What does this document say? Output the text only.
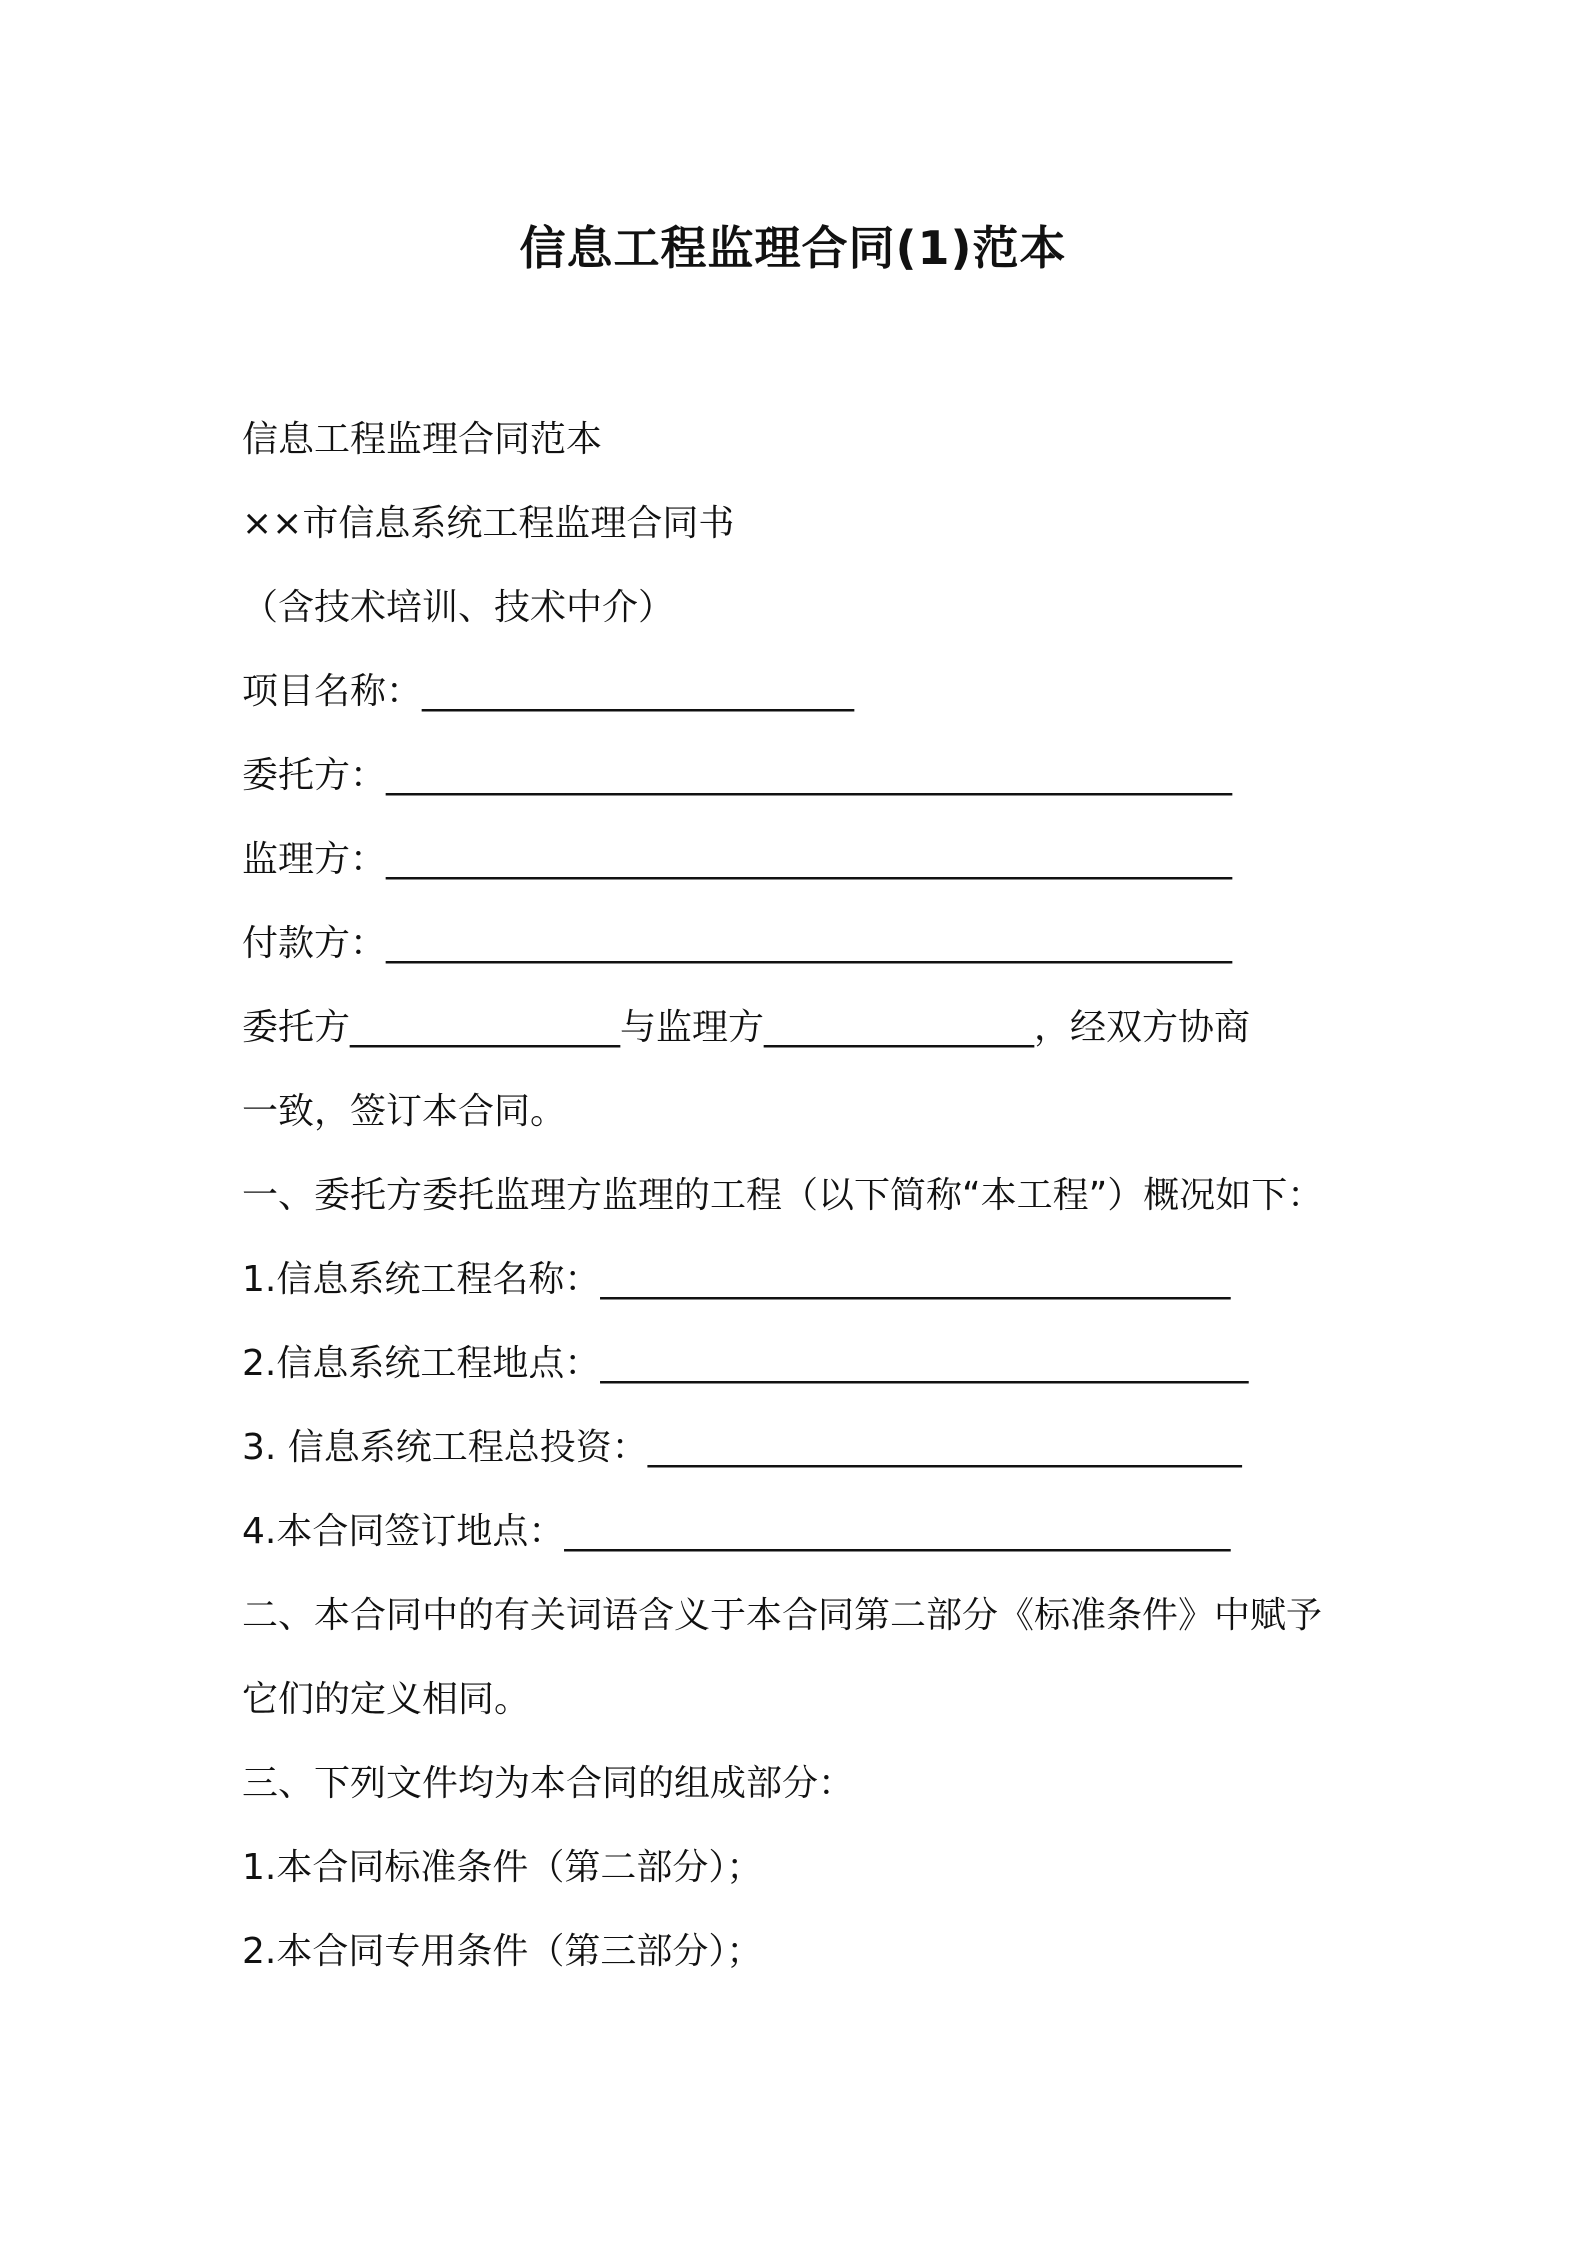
信息工程监理合同(1)范本
信息工程监理合同范本
××市信息系统工程监理合同书
（含技术培训、技术中介）
项目名称：________________________
委托方：_______________________________________________
监理方：_______________________________________________
付款方：_______________________________________________
委托方_______________与监理方_______________，经双方协商
一致，签订本合同。
一、委托方委托监理方监理的工程（以下简称“本工程”）概况如下：
1.信息系统工程名称：___________________________________
2.信息系统工程地点：____________________________________
3. 信息系统工程总投资：_________________________________
4.本合同签订地点：_____________________________________
二、本合同中的有关词语含义于本合同第二部分《标准条件》中赋予
它们的定义相同。
三、下列文件均为本合同的组成部分：
1.本合同标准条件（第二部分）；
2.本合同专用条件（第三部分）；
